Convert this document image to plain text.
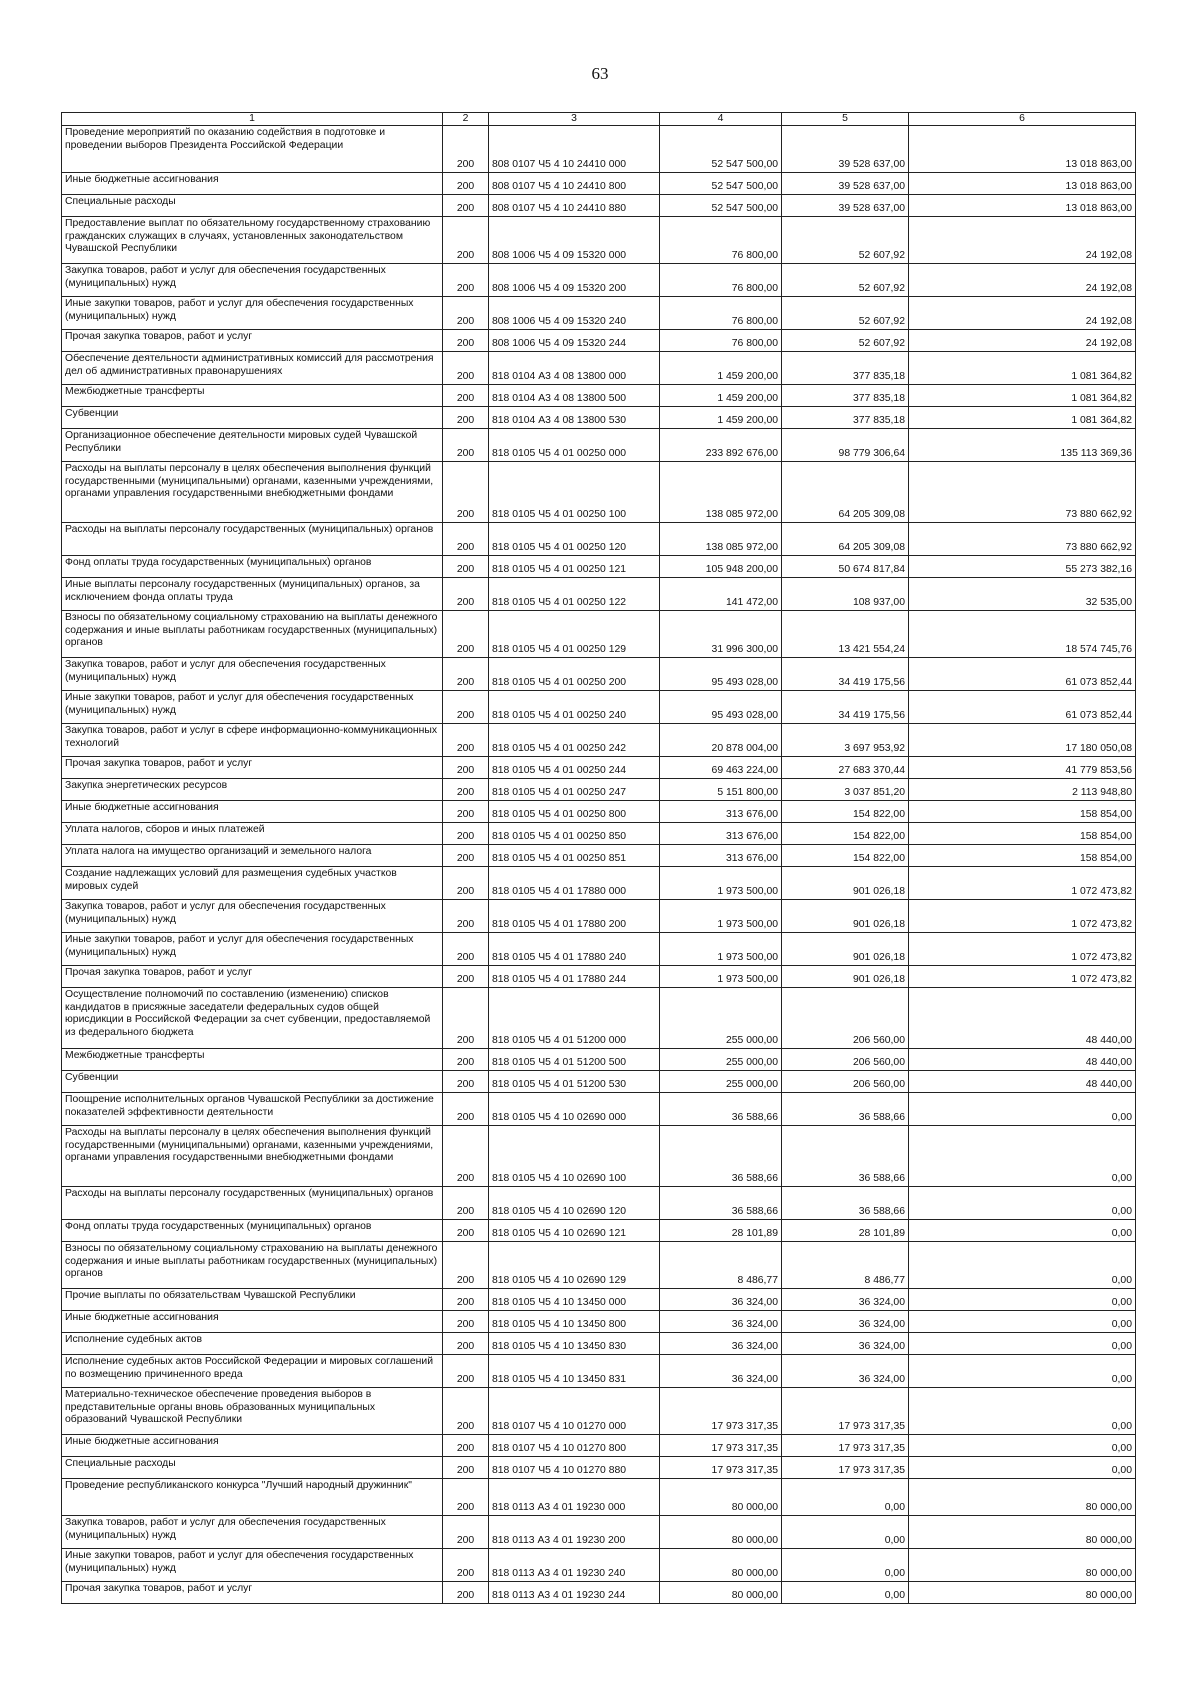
63
1	2	3	4	5	6

Проведение мероприятий по оказанию содействия в подготовке и проведении выборов Президента Российской Федерации	200	808 0107 Ч5 4 10 24410 000	52 547 500,00	39 528 637,00	13 018 863,00

Иные бюджетные ассигнования	200	808 0107 Ч5 4 10 24410 800	52 547 500,00	39 528 637,00	13 018 863,00

Специальные расходы	200	808 0107 Ч5 4 10 24410 880	52 547 500,00	39 528 637,00	13 018 863,00

Предоставление выплат по обязательному государственному страхованию гражданских служащих в случаях, установленных законодательством Чувашской Республики	200	808 1006 Ч5 4 09 15320 000	76 800,00	52 607,92	24 192,08

Закупка товаров, работ и услуг для обеспечения государственных (муниципальных) нужд	200	808 1006 Ч5 4 09 15320 200	76 800,00	52 607,92	24 192,08

Иные закупки товаров, работ и услуг для обеспечения государственных (муниципальных) нужд	200	808 1006 Ч5 4 09 15320 240	76 800,00	52 607,92	24 192,08

Прочая закупка товаров, работ и услуг	200	808 1006 Ч5 4 09 15320 244	76 800,00	52 607,92	24 192,08

Обеспечение деятельности административных комиссий для рассмотрения дел об административных правонарушениях	200	818 0104 А3 4 08 13800 000	1 459 200,00	377 835,18	1 081 364,82

Межбюджетные трансферты	200	818 0104 А3 4 08 13800 500	1 459 200,00	377 835,18	1 081 364,82

Субвенции	200	818 0104 А3 4 08 13800 530	1 459 200,00	377 835,18	1 081 364,82

Организационное обеспечение деятельности мировых судей Чувашской Республики	200	818 0105 Ч5 4 01 00250 000	233 892 676,00	98 779 306,64	135 113 369,36

Расходы на выплаты персоналу в целях обеспечения выполнения функций государственными (муниципальными) органами, казенными учреждениями, органами управления государственными внебюджетными фондами	200	818 0105 Ч5 4 01 00250 100	138 085 972,00	64 205 309,08	73 880 662,92

Расходы на выплаты персоналу государственных (муниципальных) органов	200	818 0105 Ч5 4 01 00250 120	138 085 972,00	64 205 309,08	73 880 662,92

Фонд оплаты труда государственных (муниципальных) органов	200	818 0105 Ч5 4 01 00250 121	105 948 200,00	50 674 817,84	55 273 382,16

Иные выплаты персоналу государственных (муниципальных) органов, за исключением фонда оплаты труда	200	818 0105 Ч5 4 01 00250 122	141 472,00	108 937,00	32 535,00

Взносы по обязательному социальному страхованию на выплаты денежного содержания и иные выплаты работникам государственных (муниципальных) органов	200	818 0105 Ч5 4 01 00250 129	31 996 300,00	13 421 554,24	18 574 745,76

Закупка товаров, работ и услуг для обеспечения государственных (муниципальных) нужд	200	818 0105 Ч5 4 01 00250 200	95 493 028,00	34 419 175,56	61 073 852,44

Иные закупки товаров, работ и услуг для обеспечения государственных (муниципальных) нужд	200	818 0105 Ч5 4 01 00250 240	95 493 028,00	34 419 175,56	61 073 852,44

Закупка товаров, работ и услуг в сфере информационно-коммуникационных технологий	200	818 0105 Ч5 4 01 00250 242	20 878 004,00	3 697 953,92	17 180 050,08

Прочая закупка товаров, работ и услуг	200	818 0105 Ч5 4 01 00250 244	69 463 224,00	27 683 370,44	41 779 853,56

Закупка энергетических ресурсов	200	818 0105 Ч5 4 01 00250 247	5 151 800,00	3 037 851,20	2 113 948,80

Иные бюджетные ассигнования	200	818 0105 Ч5 4 01 00250 800	313 676,00	154 822,00	158 854,00

Уплата налогов, сборов и иных платежей	200	818 0105 Ч5 4 01 00250 850	313 676,00	154 822,00	158 854,00

Уплата налога на имущество организаций и земельного налога	200	818 0105 Ч5 4 01 00250 851	313 676,00	154 822,00	158 854,00

Создание надлежащих условий для размещения судебных участков мировых судей	200	818 0105 Ч5 4 01 17880 000	1 973 500,00	901 026,18	1 072 473,82

Закупка товаров, работ и услуг для обеспечения государственных (муниципальных) нужд	200	818 0105 Ч5 4 01 17880 200	1 973 500,00	901 026,18	1 072 473,82

Иные закупки товаров, работ и услуг для обеспечения государственных (муниципальных) нужд	200	818 0105 Ч5 4 01 17880 240	1 973 500,00	901 026,18	1 072 473,82

Прочая закупка товаров, работ и услуг	200	818 0105 Ч5 4 01 17880 244	1 973 500,00	901 026,18	1 072 473,82

Осуществление полномочий по составлению (изменению) списков кандидатов в присяжные заседатели федеральных судов общей юрисдикции в Российской Федерации за счет субвенции, предоставляемой из федерального бюджета	200	818 0105 Ч5 4 01 51200 000	255 000,00	206 560,00	48 440,00

Межбюджетные трансферты	200	818 0105 Ч5 4 01 51200 500	255 000,00	206 560,00	48 440,00

Субвенции	200	818 0105 Ч5 4 01 51200 530	255 000,00	206 560,00	48 440,00

Поощрение исполнительных органов Чувашской Республики за достижение показателей эффективности деятельности	200	818 0105 Ч5 4 10 02690 000	36 588,66	36 588,66	0,00

Расходы на выплаты персоналу в целях обеспечения выполнения функций государственными (муниципальными) органами, казенными учреждениями, органами управления государственными внебюджетными фондами	200	818 0105 Ч5 4 10 02690 100	36 588,66	36 588,66	0,00

Расходы на выплаты персоналу государственных (муниципальных) органов	200	818 0105 Ч5 4 10 02690 120	36 588,66	36 588,66	0,00

Фонд оплаты труда государственных (муниципальных) органов	200	818 0105 Ч5 4 10 02690 121	28 101,89	28 101,89	0,00

Взносы по обязательному социальному страхованию на выплаты денежного содержания и иные выплаты работникам государственных (муниципальных) органов	200	818 0105 Ч5 4 10 02690 129	8 486,77	8 486,77	0,00

Прочие выплаты по обязательствам Чувашской Республики	200	818 0105 Ч5 4 10 13450 000	36 324,00	36 324,00	0,00

Иные бюджетные ассигнования	200	818 0105 Ч5 4 10 13450 800	36 324,00	36 324,00	0,00

Исполнение судебных актов	200	818 0105 Ч5 4 10 13450 830	36 324,00	36 324,00	0,00

Исполнение судебных актов Российской Федерации и мировых соглашений по возмещению причиненного вреда	200	818 0105 Ч5 4 10 13450 831	36 324,00	36 324,00	0,00

Материально-техническое обеспечение проведения выборов в представительные органы вновь образованных муниципальных образований Чувашской Республики	200	818 0107 Ч5 4 10 01270 000	17 973 317,35	17 973 317,35	0,00

Иные бюджетные ассигнования	200	818 0107 Ч5 4 10 01270 800	17 973 317,35	17 973 317,35	0,00

Специальные расходы	200	818 0107 Ч5 4 10 01270 880	17 973 317,35	17 973 317,35	0,00

Проведение республиканского конкурса "Лучший народный дружинник"	200	818 0113 А3 4 01 19230 000	80 000,00	0,00	80 000,00

Закупка товаров, работ и услуг для обеспечения государственных (муниципальных) нужд	200	818 0113 А3 4 01 19230 200	80 000,00	0,00	80 000,00

Иные закупки товаров, работ и услуг для обеспечения государственных (муниципальных) нужд	200	818 0113 А3 4 01 19230 240	80 000,00	0,00	80 000,00

Прочая закупка товаров, работ и услуг	200	818 0113 А3 4 01 19230 244	80 000,00	0,00	80 000,00
